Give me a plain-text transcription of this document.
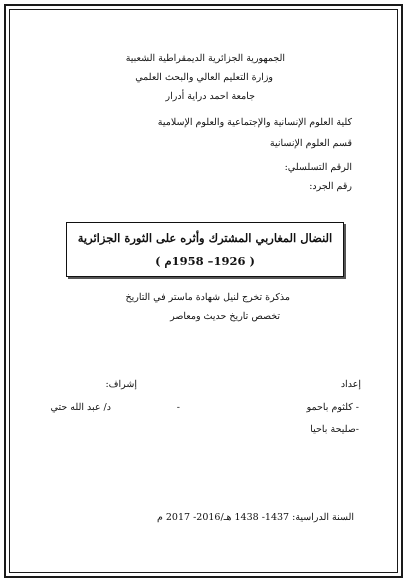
الجمهورية الجزائرية الديمقراطية الشعبية
وزارة التعليم العالي والبحث العلمي
جامعة احمد دراية أدرار
كلية العلوم الإنسانية والإجتماعية والعلوم الإسلامية
قسم العلوم الإنسانية
الرقم التسلسلي:
رقم الجرد:
النضال المغاربي المشترك وأثره على الثورة الجزائرية
( 1926– 1958م )
مذكرة تخرج لنيل شهادة ماستر في التاريخ
تخصص تاريخ حديث ومعاصر
إعداد
- كلثوم باحمو
-صليحة باحيا
إشراف:
د/ عبد الله حتي	-
السنة الدراسية: 1437- 1438 هـ/2016- 2017 م
